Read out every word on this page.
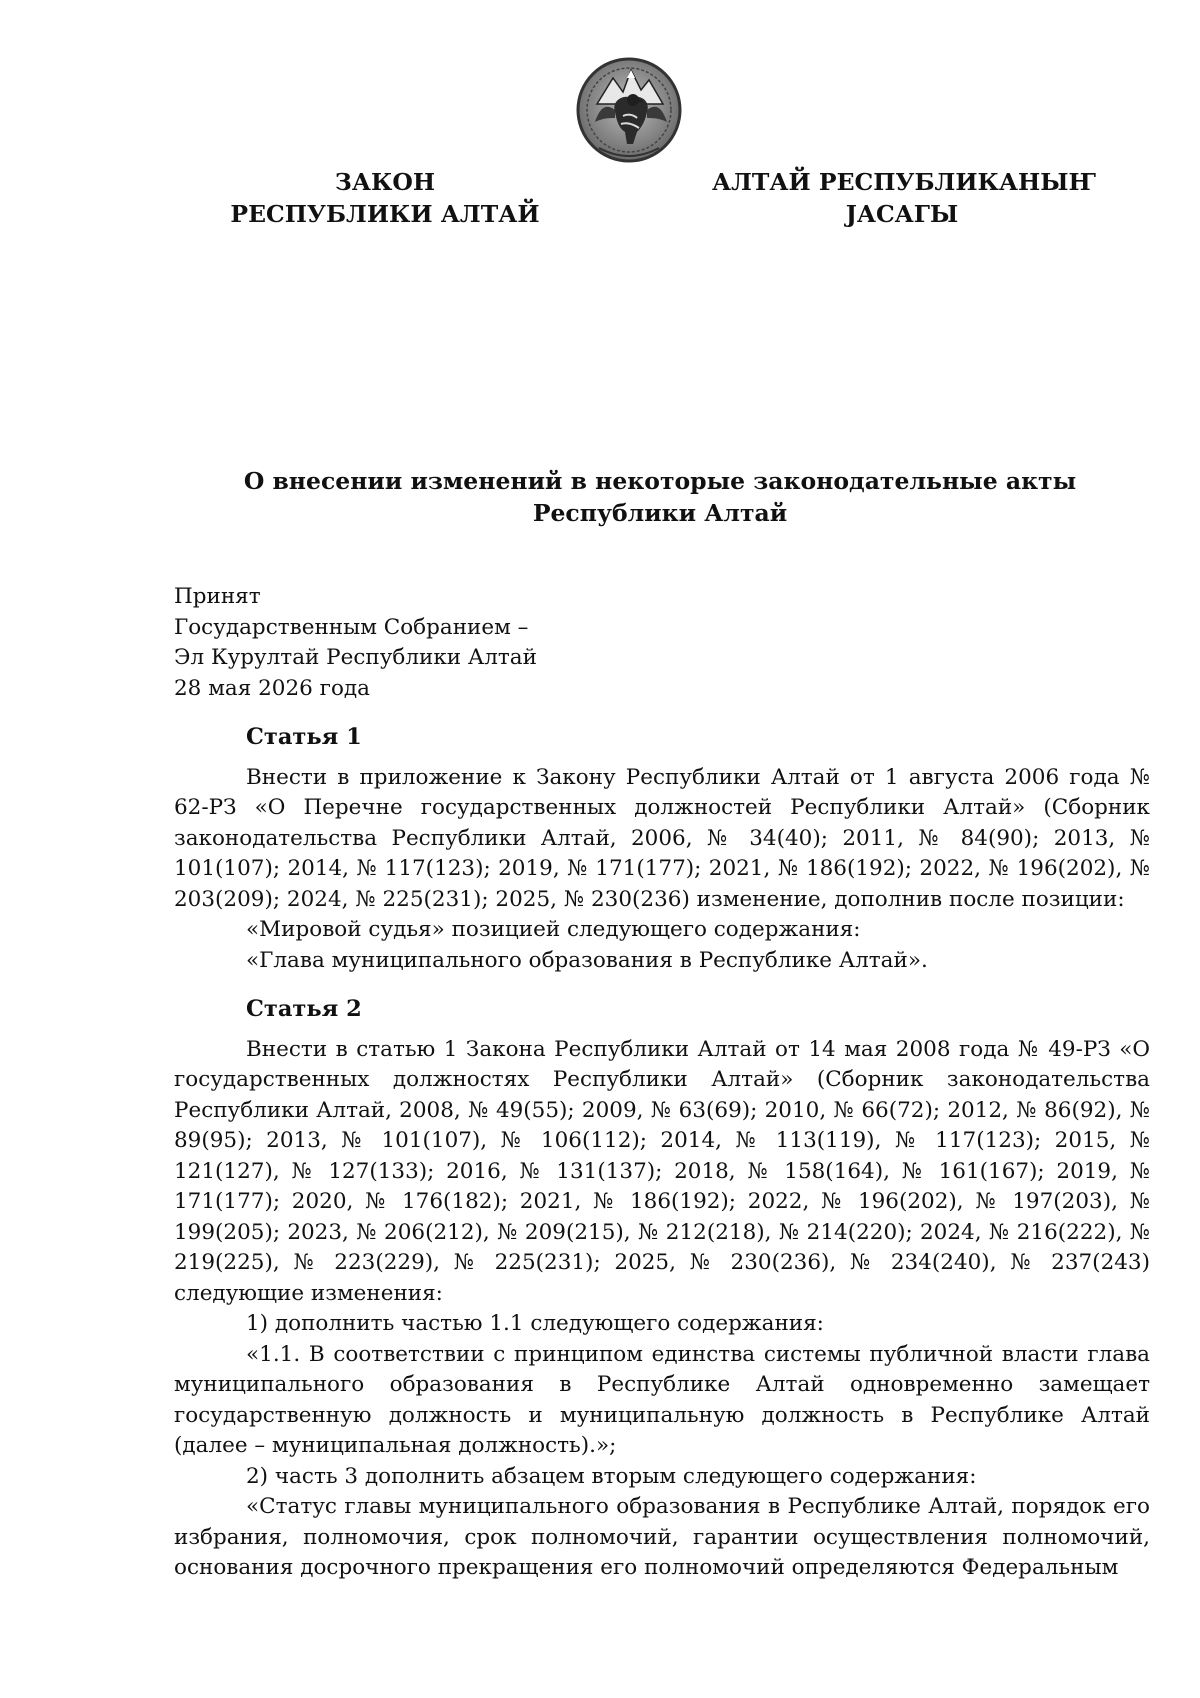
ЗАКОН
РЕСПУБЛИКИ АЛТАЙ
АЛТАЙ РЕСПУБЛИКАНЫҤ
ЈАСАГЫ
О внесении изменений в некоторые законодательные акты
Республики Алтай
Принят
Государственным Собранием –
Эл Курултай Республики Алтай
28 мая 2026 года
Статья 1

Внести в приложение к Закону Республики Алтай от 1 августа 2006 года № 62-РЗ «О Перечне государственных должностей Республики Алтай» (Сборник законодательства Республики Алтай, 2006, № 34(40); 2011, № 84(90); 2013, № 101(107); 2014, № 117(123); 2019, № 171(177); 2021, № 186(192); 2022, № 196(202), № 203(209); 2024, № 225(231); 2025, № 230(236) изменение, дополнив после позиции:

«Мировой судья» позицией следующего содержания:

«Глава муниципального образования в Республике Алтай».

Статья 2

Внести в статью 1 Закона Республики Алтай от 14 мая 2008 года № 49-РЗ «О государственных должностях Республики Алтай» (Сборник законодательства Республики Алтай, 2008, № 49(55); 2009, № 63(69); 2010, № 66(72); 2012, № 86(92), № 89(95); 2013, № 101(107), № 106(112); 2014, № 113(119), № 117(123); 2015, № 121(127), № 127(133); 2016, № 131(137); 2018, № 158(164), № 161(167); 2019, № 171(177); 2020, № 176(182); 2021, № 186(192); 2022, № 196(202), № 197(203), № 199(205); 2023, № 206(212), № 209(215), № 212(218), № 214(220); 2024, № 216(222), № 219(225), № 223(229), № 225(231); 2025, № 230(236), № 234(240), № 237(243) следующие изменения:

1) дополнить частью 1.1 следующего содержания:

«1.1. В соответствии с принципом единства системы публичной власти глава муниципального образования в Республике Алтай одновременно замещает государственную должность и муниципальную должность в Республике Алтай (далее – муниципальная должность).»;

2) часть 3 дополнить абзацем вторым следующего содержания:

«Статус главы муниципального образования в Республике Алтай, порядок его избрания, полномочия, срок полномочий, гарантии осуществления полномочий, основания досрочного прекращения его полномочий определяются Федеральным
